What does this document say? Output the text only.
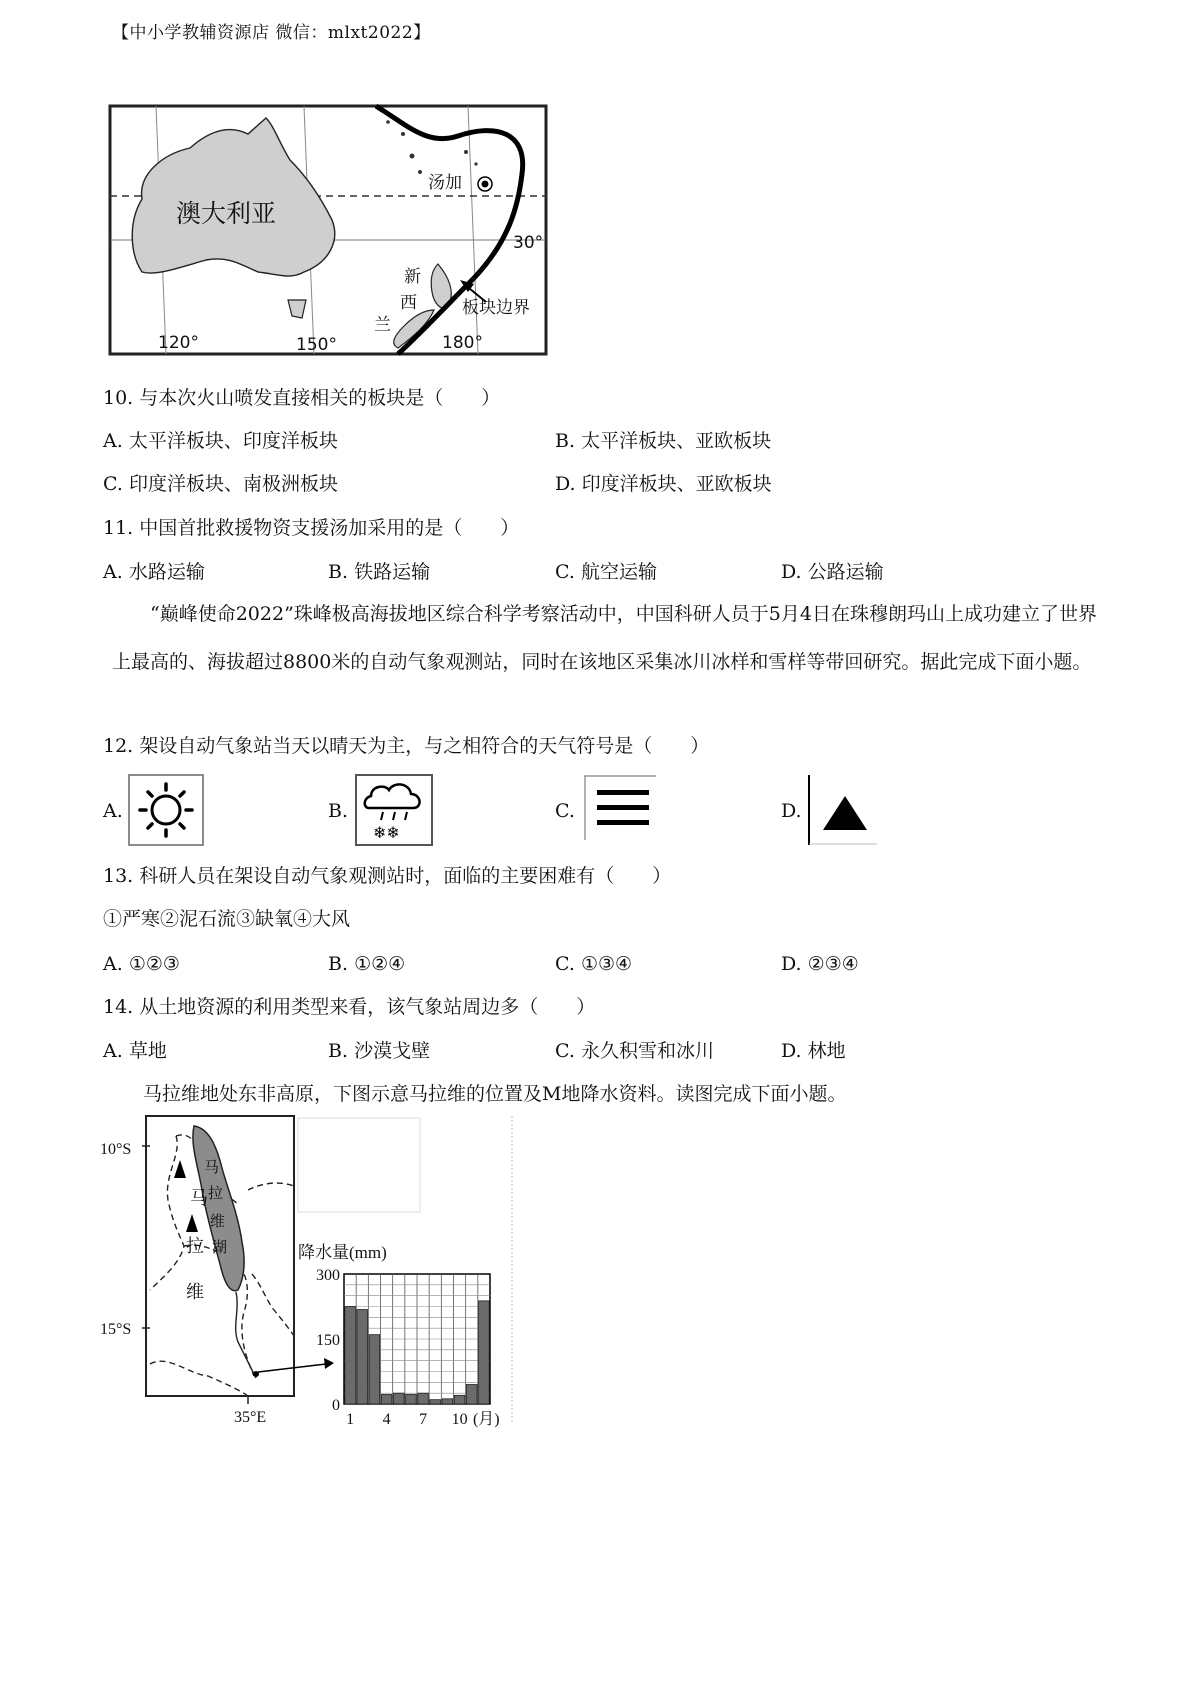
【中小学教辅资源店 微信：mlxt2022】
澳大利亚
汤加
30°
新
西
兰
板块边界
120°	150°	180°
10. 与本次火山喷发直接相关的板块是（　　）
A. 太平洋板块、印度洋板块	B. 太平洋板块、亚欧板块
C. 印度洋板块、南极洲板块	D. 印度洋板块、亚欧板块
11. 中国首批救援物资支援汤加采用的是（　　）
A. 水路运输	B. 铁路运输	C. 航空运输	D. 公路运输
“巅峰使命2022”珠峰极高海拔地区综合科学考察活动中，中国科研人员于5月4日在珠穆朗玛山上成功建立了世界上最高的、海拔超过8800米的自动气象观测站，同时在该地区采集冰川冰样和雪样等带回研究。据此完成下面小题。
12. 架设自动气象站当天以晴天为主，与之相符合的天气符号是（　　）
A.	B.	C.	D.
❄❄
13. 科研人员在架设自动气象观测站时，面临的主要困难有（　　）
①严寒②泥石流③缺氧④大风
A. ①②③	B. ①②④	C. ①③④	D. ②③④
14. 从土地资源的利用类型来看，该气象站周边多（　　）
A. 草地	B. 沙漠戈壁	C. 永久积雪和冰川	D. 林地
马拉维地处东非高原，下图示意马拉维的位置及M地降水资料。读图完成下面小题。
10°S
15°S
35°E
马
拉
维
马
拉
维
湖	降水量(mm)
0
150
300
1 4 7 10 (月)
